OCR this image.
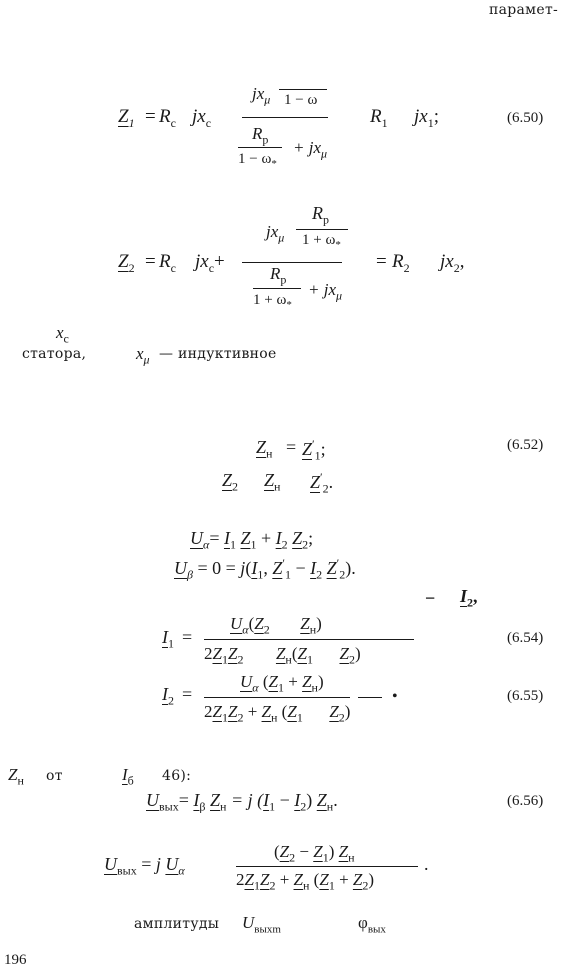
парамет-
$Z_1 = R_c$ $jx_c$
$jx_\mu$ 1 − ω
$R_p$
$1 - \omega_*$
+ $jx_\mu$
$R_1$ $jx_1$;	(6.50)
$R_p$
$jx_\mu$ $1 + \omega_*$
$Z_2 = R_c$ $jx_c+$
$R_p$
$1 + \omega_*$
+ $jx_\mu$
= $R_2$ $jx_2$,
$x_c$
статора,	$x_\mu$ — индуктивное
$Z_н = Z'_1$;	(6.52)
$Z_2$ $Z_н$ $Z'_2$.
$U_\alpha= I_1$ $Z_1 + I_2$ $Z_2$;
$U_\beta = 0 = j(I_1$, $Z'_1 - I_2$ $Z'_2$).
− $I_2$,
$U_\alpha(Z_2$ $Z_н$)
$I_1$ =
$2Z_1Z_2$ $Z_н(Z_1$ $Z_2$)
(6.54)
$U_\alpha$ $(Z_1 + Z_н)$
$I_2$ =
$2Z_1Z_2 + Z_н$ ($Z_1$ $Z_2$)
•	(6.55)
$Z_н$ от	$I_б$ 46):
$U_{вых}= I_\beta$ $Z_н = j$ $(I_1 - I_2)$ $Z_н$.	(6.56)
$(Z_2 - Z_1)$ $Z_н$
$U_{вых} = j$ $U_\alpha$	$2Z_1Z_2 + Z_н$ $(Z_1 + Z_2)$
.
амплитуды $U_{выхm}$	$\varphi_{вых}$
196
